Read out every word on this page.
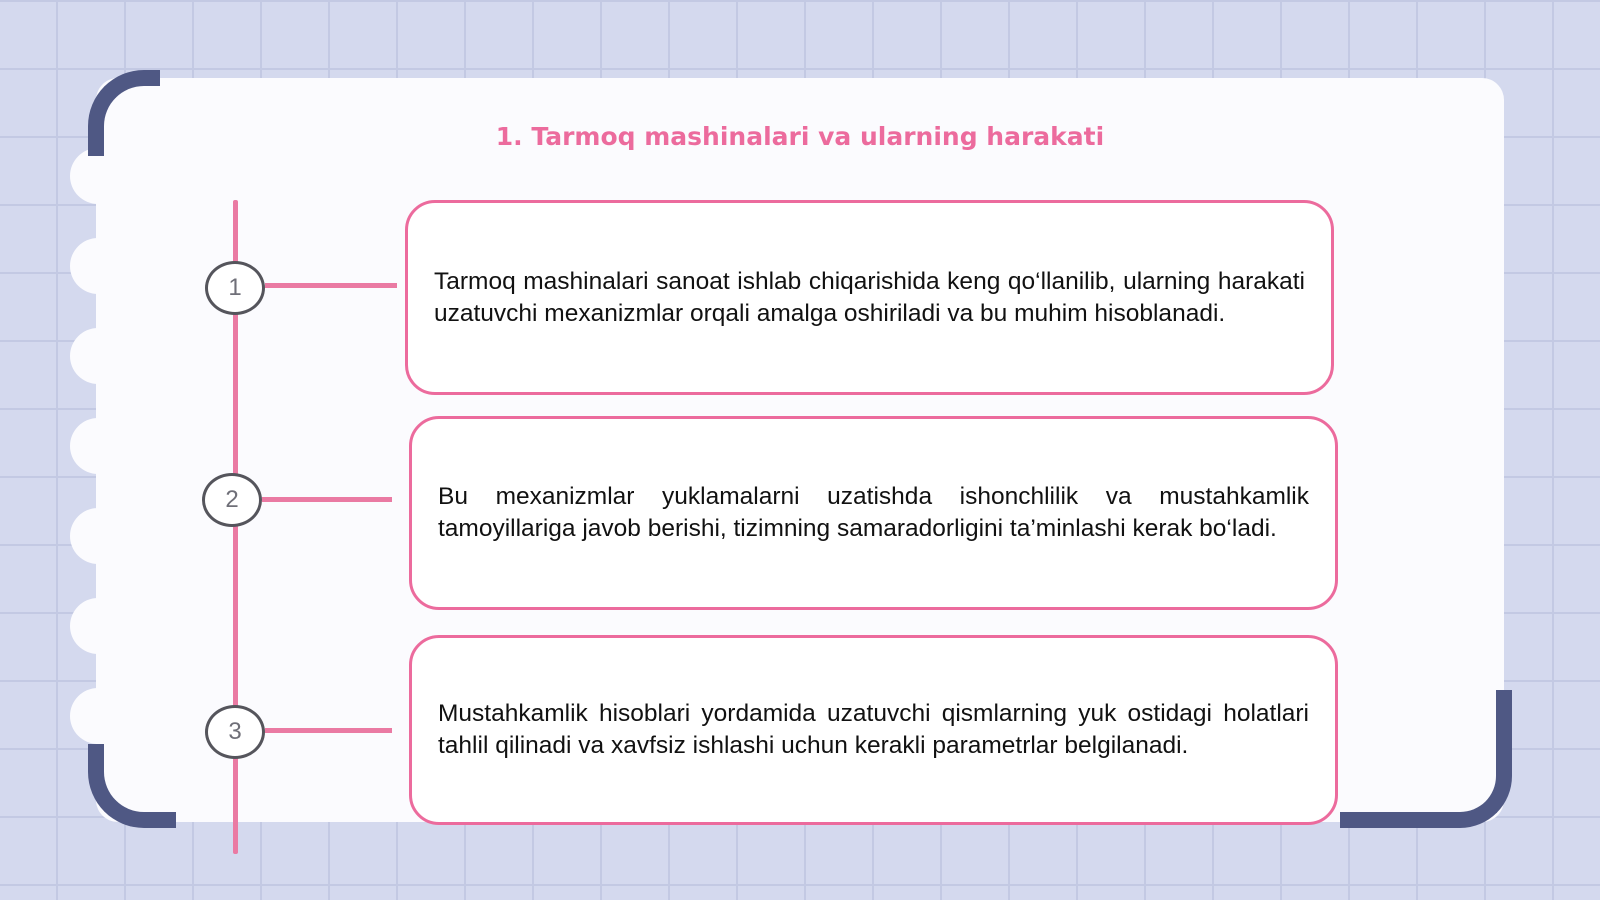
1. Tarmoq mashinalari va ularning harakati
1	Tarmoq mashinalari sanoat ishlab chiqarishida keng qo‘llanilib, ularning harakati uzatuvchi mexanizmlar orqali amalga oshiriladi va bu muhim hisoblanadi.
2	Bu mexanizmlar yuklamalarni uzatishda ishonchlilik va mustahkamlik tamoyillariga javob berishi, tizimning samaradorligini ta’minlashi kerak bo‘ladi.
3
Mustahkamlik hisoblari yordamida uzatuvchi qismlarning yuk ostidagi holatlari tahlil qilinadi va xavfsiz ishlashi uchun kerakli parametrlar belgilanadi.
